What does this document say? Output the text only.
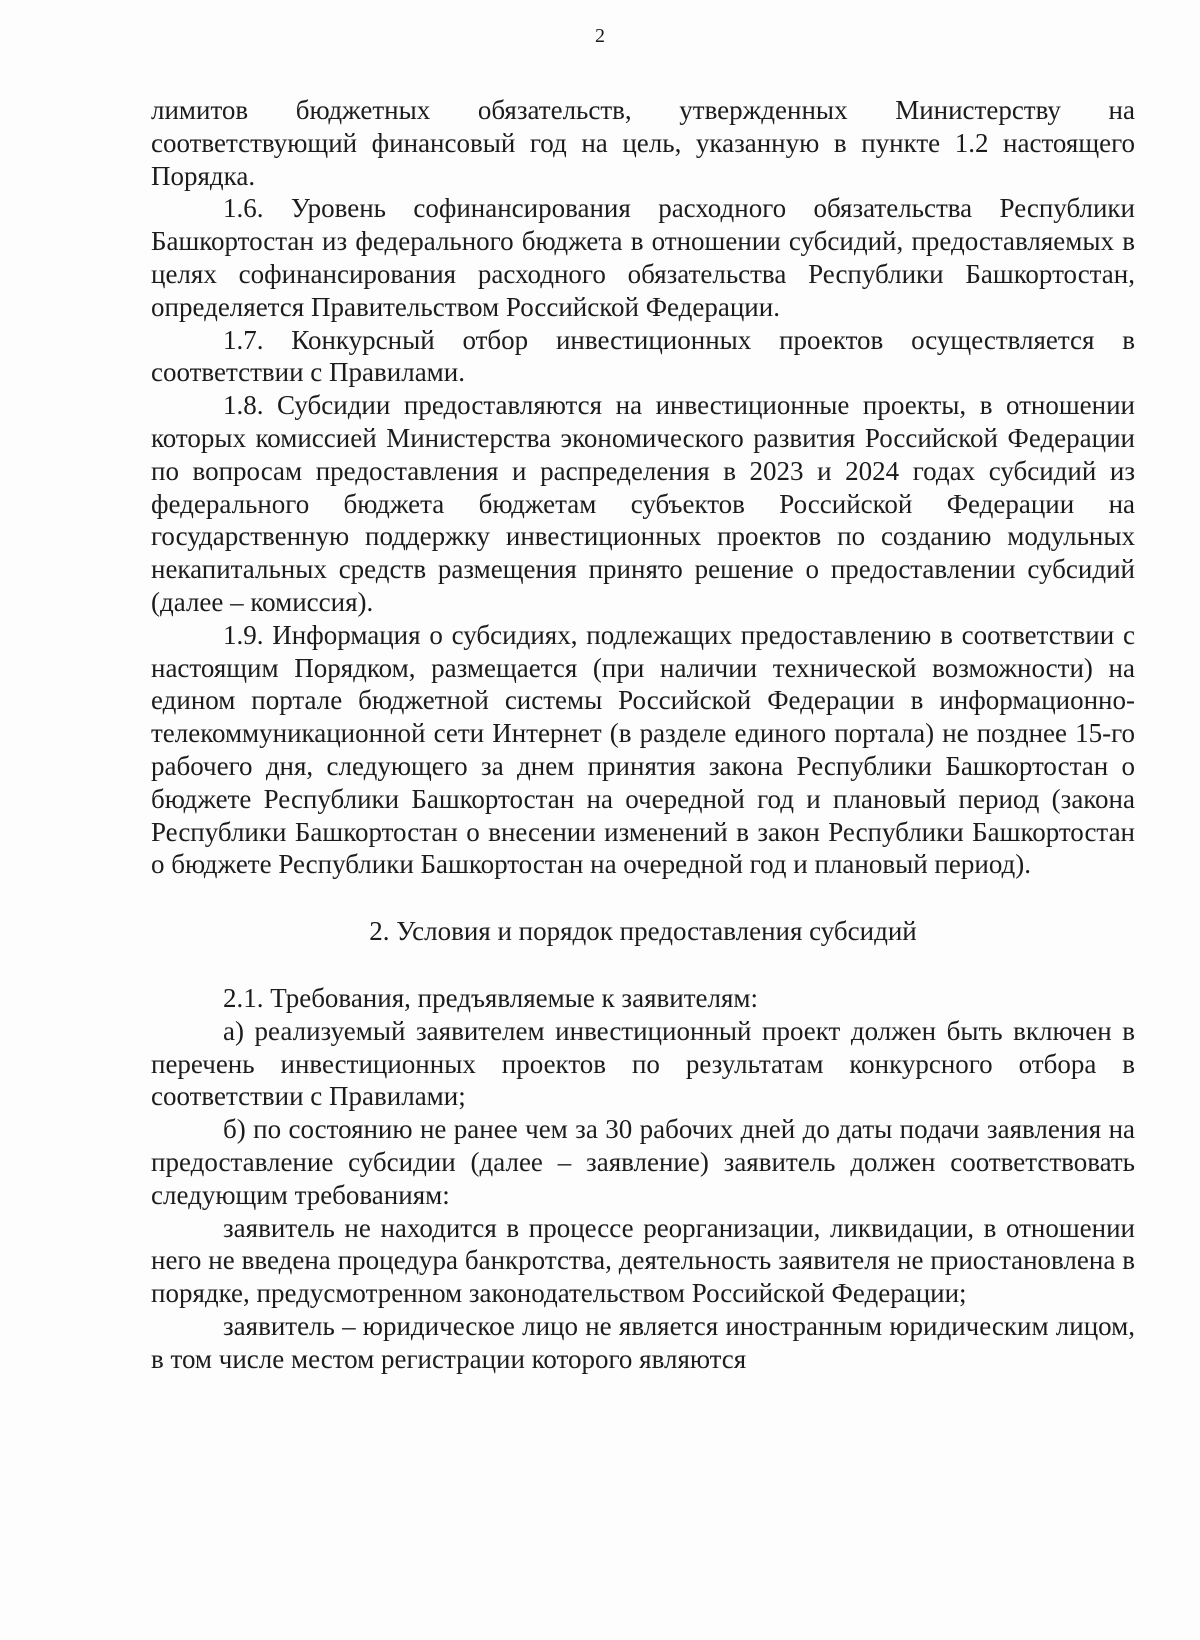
2

лимитов бюджетных обязательств, утвержденных Министерству на соответствующий финансовый год на цель, указанную в пункте 1.2 настоящего Порядка.

1.6. Уровень софинансирования расходного обязательства Республики Башкортостан из федерального бюджета в отношении субсидий, предоставляемых в целях софинансирования расходного обязательства Республики Башкортостан, определяется Правительством Российской Федерации.

1.7. Конкурсный отбор инвестиционных проектов осуществляется в соответствии с Правилами.

1.8. Субсидии предоставляются на инвестиционные проекты, в отношении которых комиссией Министерства экономического развития Российской Федерации по вопросам предоставления и распределения в 2023 и 2024 годах субсидий из федерального бюджета бюджетам субъектов Российской Федерации на государственную поддержку инвестиционных проектов по созданию модульных некапитальных средств размещения принято решение о предоставлении субсидий (далее – комиссия).

1.9. Информация о субсидиях, подлежащих предоставлению в соответствии с настоящим Порядком, размещается (при наличии технической возможности) на едином портале бюджетной системы Российской Федерации в информационно-телекоммуникационной сети Интернет (в разделе единого портала) не позднее 15-го рабочего дня, следующего за днем принятия закона Республики Башкортостан о бюджете Республики Башкортостан на очередной год и плановый период (закона Республики Башкортостан о внесении изменений в закон Республики Башкортостан о бюджете Республики Башкортостан на очередной год и плановый период).

2. Условия и порядок предоставления субсидий

2.1. Требования, предъявляемые к заявителям:

а) реализуемый заявителем инвестиционный проект должен быть включен в перечень инвестиционных проектов по результатам конкурсного отбора в соответствии с Правилами;

б) по состоянию не ранее чем за 30 рабочих дней до даты подачи заявления на предоставление субсидии (далее – заявление) заявитель должен соответствовать следующим требованиям:

заявитель не находится в процессе реорганизации, ликвидации, в отношении него не введена процедура банкротства, деятельность заявителя не приостановлена в порядке, предусмотренном законодательством Российской Федерации;

заявитель – юридическое лицо не является иностранным юридическим лицом, в том числе местом регистрации которого являются
